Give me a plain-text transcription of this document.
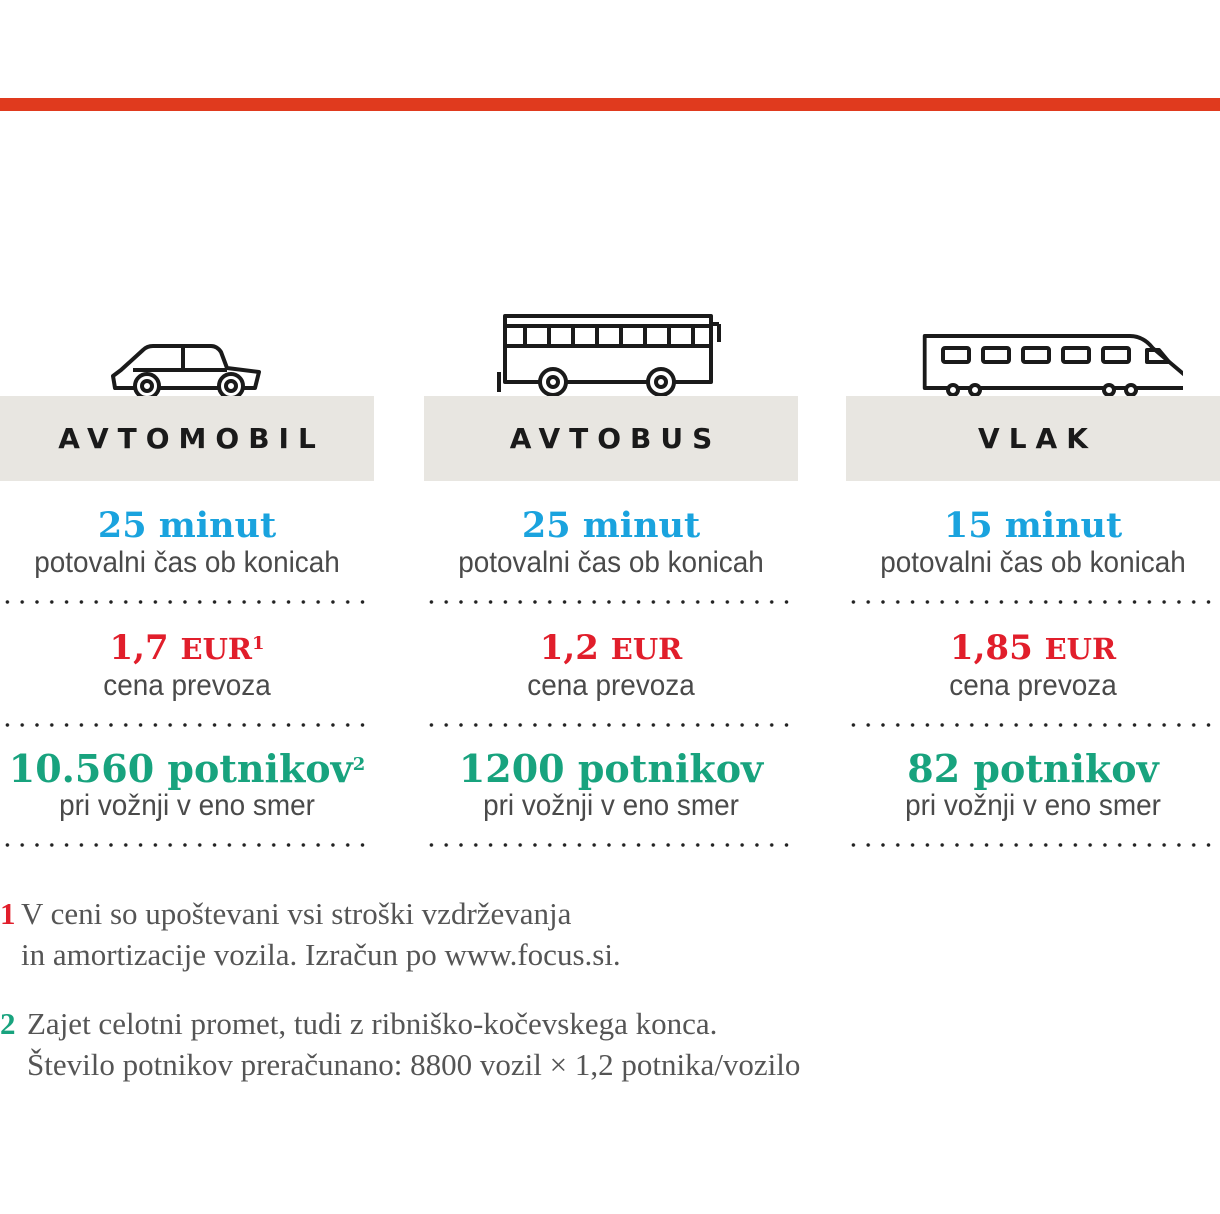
AVTOMOBIL
25 minut
potovalni čas ob konicah
1,7 EUR$^1$
cena prevoza
10.560 potnikov$^2$
pri vožnji v eno smer
AVTOBUS
25 minut
potovalni čas ob konicah
1,2 EUR
cena prevoza
1200 potnikov
pri vožnji v eno smer
VLAK
15 minut
potovalni čas ob konicah
1,85 EUR
cena prevoza
82 potnikov
pri vožnji v eno smer
1 V ceni so upoštevani vsi stroški vzdrževanja
in amortizacije vozila. Izračun po www.focus.si.
2 Zajet celotni promet, tudi z ribniško-kočevskega konca.
Število potnikov preračunano: 8800 vozil × 1,2 potnika/vozilo
